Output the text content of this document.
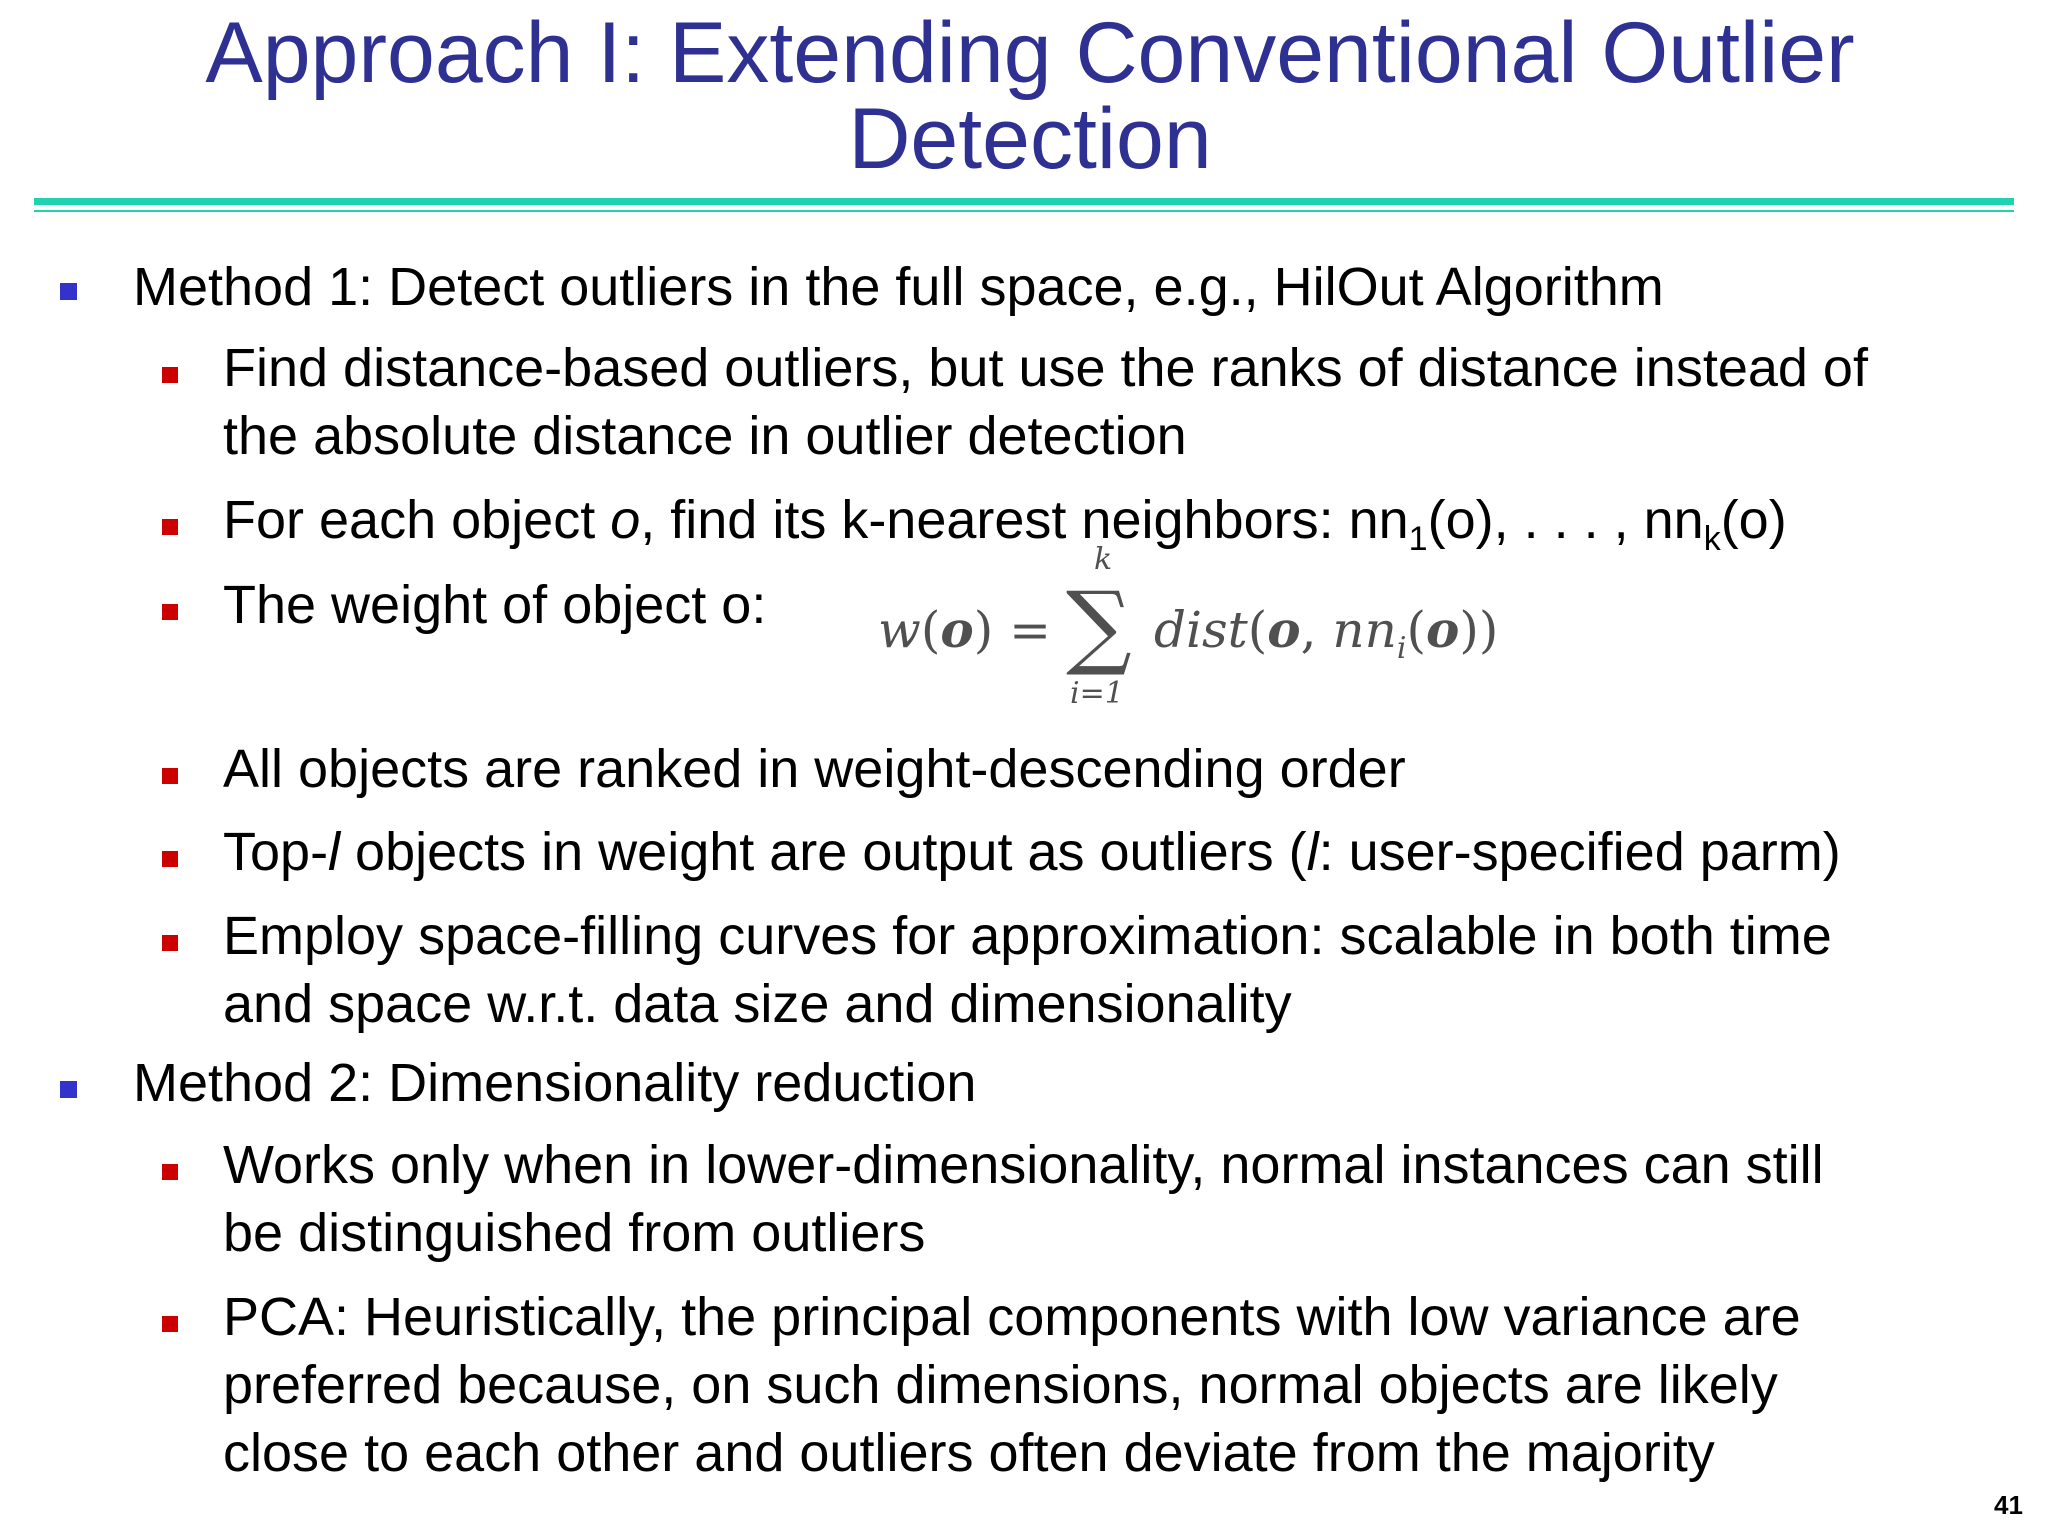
Approach I: Extending Conventional Outlier
Detection
Method 1: Detect outliers in the full space, e.g., HilOut Algorithm
Find distance-based outliers, but use the ranks of distance instead of
the absolute distance in outlier detection
For each object o, find its k-nearest neighbors: $nn_1(o)$, . . . , $nn_k(o)$
The weight of object o:	w(o) = ∑
k
i=1
dist(o, $nn_i(o)$)
All objects are ranked in weight-descending order
Top-l objects in weight are output as outliers (l: user-specified parm)
Employ space-filling curves for approximation: scalable in both time
and space w.r.t. data size and dimensionality
Method 2: Dimensionality reduction
Works only when in lower-dimensionality, normal instances can still
be distinguished from outliers
PCA: Heuristically, the principal components with low variance are
preferred because, on such dimensions, normal objects are likely
close to each other and outliers often deviate from the majority
41
